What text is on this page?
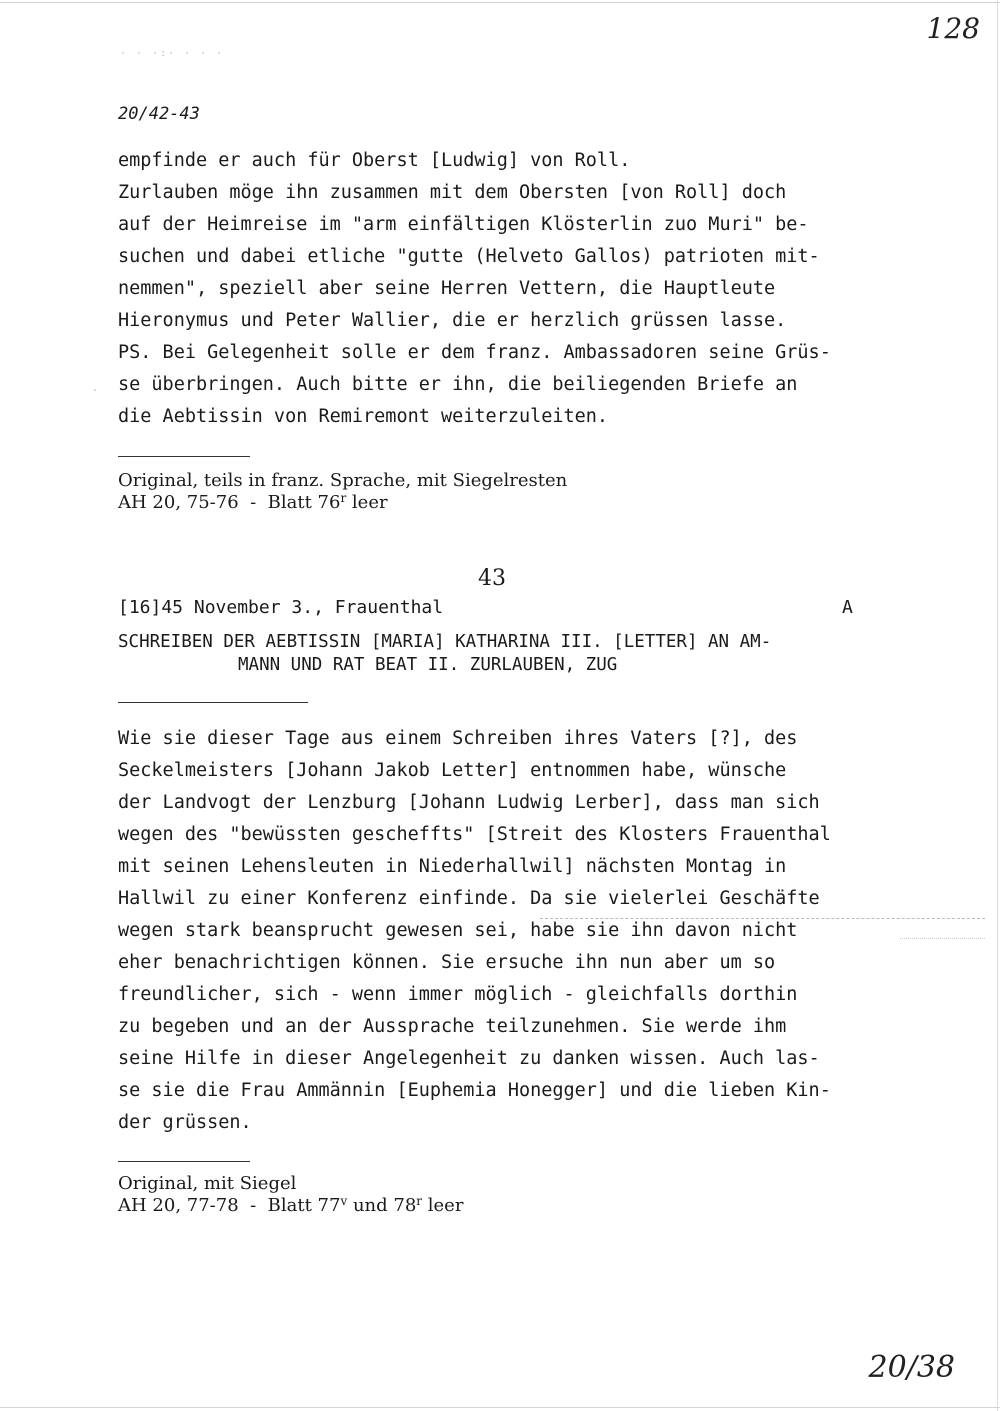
· · ·:· · · ·
.
128
20/42-43
empfinde er auch für Oberst [Ludwig] von Roll.
Zurlauben möge ihn zusammen mit dem Obersten [von Roll] doch
auf der Heimreise im "arm einfältigen Klösterlin zuo Muri" be-
suchen und dabei etliche "gutte (Helveto Gallos) patrioten mit-
nemmen", speziell aber seine Herren Vettern, die Hauptleute
Hieronymus und Peter Wallier, die er herzlich grüssen lasse.
PS. Bei Gelegenheit solle er dem franz. Ambassadoren seine Grüs-
se überbringen. Auch bitte er ihn, die beiliegenden Briefe an
die Aebtissin von Remiremont weiterzuleiten.
Original, teils in franz. Sprache, mit Siegelresten
AH 20, 75-76  -  Blatt 76$^r$ leer
43
[16]45 November 3., Frauenthal	A
SCHREIBEN DER AEBTISSIN [MARIA] KATHARINA III. [LETTER] AN AM-
MANN UND RAT BEAT II. ZURLAUBEN, ZUG
Wie sie dieser Tage aus einem Schreiben ihres Vaters [?], des
Seckelmeisters [Johann Jakob Letter] entnommen habe, wünsche
der Landvogt der Lenzburg [Johann Ludwig Lerber], dass man sich
wegen des "bewüssten gescheffts" [Streit des Klosters Frauenthal
mit seinen Lehensleuten in Niederhallwil] nächsten Montag in
Hallwil zu einer Konferenz einfinde. Da sie vielerlei Geschäfte
wegen stark beansprucht gewesen sei, habe sie ihn davon nicht
eher benachrichtigen können. Sie ersuche ihn nun aber um so
freundlicher, sich - wenn immer möglich - gleichfalls dorthin
zu begeben und an der Aussprache teilzunehmen. Sie werde ihm
seine Hilfe in dieser Angelegenheit zu danken wissen. Auch las-
se sie die Frau Ammännin [Euphemia Honegger] und die lieben Kin-
der grüssen.
Original, mit Siegel
AH 20, 77-78  -  Blatt 77$^v$ und 78$^r$ leer
20/38
